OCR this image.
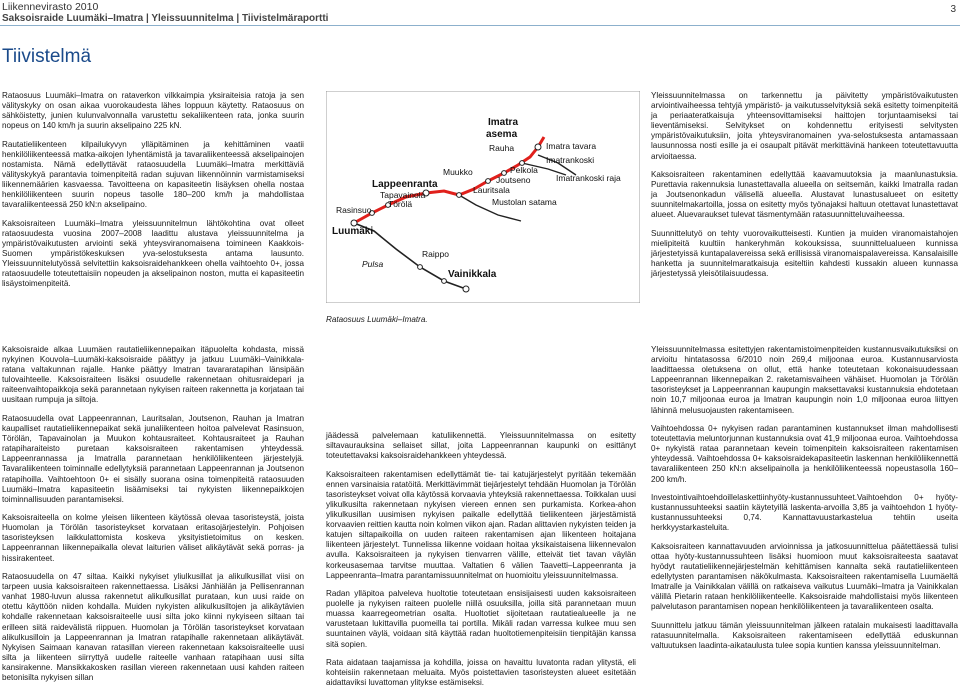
Liikennevirasto 2010
Saksoisraide Luumäki–Imatra | Yleissuunnitelma | Tiivistelmäraportti
3
Tiivistelmä

Rataosuus Luumäki–Imatra on rataverkon vilkkaimpia yksiraiteisia ratoja ja sen välityskyky on osan aikaa vuorokaudesta lähes loppuun käytetty. Rataosuus on sähköistetty, junien kulunvalvonnalla varustettu sekaliikenteen rata, jonka suurin nopeus on 140 km/h ja suurin akselipaino 225 kN.

Rautatieliikenteen kilpailukyvyn ylläpitäminen ja kehittäminen vaatii henkilöliikenteessä matka-aikojen lyhentämistä ja tavaraliikenteessä akselipainojen nostamista. Nämä edellyttävät rataosuudella Luumäki–Imatra merkittäviä välityskykyä parantavia toimenpiteitä radan sujuvan liikennöinnin varmistamiseksi liikennemäärien kasvaessa. Tavoitteena on kapasiteetin lisäyksen ohella nostaa henkilöliikenteen suurin nopeus tasolle 180–200 km/h ja mahdollistaa tavaraliikenteessä 250 kN:n akselipaino.

Kaksoisraiteen Luumäki–Imatra yleissuunnitelmun lähtökohtina ovat olleet rataosuudesta vuosina 2007–2008 laadittu alustava yleissuunnitelma ja ympäristövaikutusten arviointi sekä yhteysviranomaisena toimineen Kaakkois-Suomen ympäristökeskuksen yva-selostuksesta antama lausunto. Yleissuunnitelutyössä selvitettiin kaksoisraidehankkeen ohella vaihtoehto 0+, jossa rataosuudelle toteutettaisiin nopeuden ja akselipainon noston, mutta ei kapasiteetin lisäystoimenpiteitä.

Kaksoisraide alkaa Luumäen rautatieliikennepaikan itäpuolelta kohdasta, missä nykyinen Kouvola–Luumäki-kaksoisraide päättyy ja jatkuu Luumäki–Vainikkala-ratana valtakunnan rajalle. Hanke päättyy Imatran tavararatapihan länsipään tulovaihteelle. Kaksoisraiteen lisäksi osuudelle rakennetaan ohitusraidepari ja raiteenvaihtopaikkoja sekä parannetaan nykyisen raiteen rakennetta ja korjataan tai uusitaan rumpuja ja siltoja.

Rataosuudella ovat Lappeenrannan, Lauritsalan, Joutsenon, Rauhan ja Imatran kaupalliset rautatieliikennepaikat sekä junaliikenteen hoitoa palvelevat Rasinsuon, Törölän, Tapavainolan ja Muukon kohtausraiteet. Kohtausraiteet ja Rauhan ratapiharaiteisto puretaan kaksoisraiteen rakentamisen yhteydessä. Lappeenrannassa ja Imatralla parannetaan henkilöliikenteen järjestelyjä. Tavaraliikenteen toiminnalle edellytyksiä parannetaan Lappeenrannan ja Joutsenon ratapihoilla. Vaihtoehtoon 0+ ei sisälly suorana osina toimenpiteitä rataosuuden Luumäki–Imatra kapasiteetin lisäämiseksi tai nykyisten liikennepaikkojen toiminnallisuuden parantamiseksi.

Kaksoisraiteella on kolme yleisen liikenteen käytössä olevaa tasoristeystä, joista Huomolan ja Törölän tasoristeykset korvataan eritasojärjestelyin. Pohjoisen tasoristeyksen laikkulattomista koskeva yksityistietoimitus on kesken. Lappeenrannan liikennepaikalla olevat laiturien väliset alikäytävät sekä porras- ja hissirakenteet.

Rataosuudella on 47 siltaa. Kaikki nykyiset yliulkusillat ja alikulkusillat viisi on tarpeen uusia kaksoisraiteen rakennettaessa. Lisäksi Jänhiälän ja Pellisenrannan vanhat 1980-luvun alussa rakennetut alikulkusillat purataan, kun uusi raide on otettu käyttöön niiden kohdalla. Muiden nykyisten alikulkusiltojen ja alikäytävien kohdalle rakennetaan kaksoisraiteelle uusi silta joko kiinni nykyiseen siltaan tai erilleen siitä raidevälistä riippuen. Huomolan ja Törölän tasoristeykset korvataan alikulkusilloin ja Lappeenrannan ja Imatran ratapihalle rakennetaan alikäytävät. Nykyisen Saimaan kanavan ratasillan viereen rakennetaan kaksoisraiteelle uusi silta ja liikenteen siirryttyä uudelle raiteelle vanhaan ratapihaan uusi silta kansirakenne. Mansikkakosken rasillan viereen rakennetaan uusi kahden raiteen betonisilta nykyisen sillan

Imatra
asema
Imatra tavara
Rauha
Imatrankoski
Muukko	Pelkola
Imatrankoski raja
Joutseno
Lappeenranta	Lauritsala
Tapavainola
Mustolan satama
Törölä
Rasinsuo
Luumäki
Raippo
Pulsa
Vainikkala
Rataosuus Luumäki–Imatra.

jäädessä palvelemaan katuliikennettä. Yleissuunnitelmassa on esitetty siltavaurauksina sellaiset sillat, joita Lappeenrannan kaupunki on esittänyt toteutettavaksi kaksoisraidehankkeen yhteydessä.

Kaksoisraiteen rakentamisen edellyttämät tie- tai katujärjestelyt pyritään tekemään ennen varsinaisia ratatöitä. Merkittävimmät tiejärjestelyt tehdään Huomolan ja Törölän tasoristeykset voivat olla käytössä korvaavia yhteyksiä rakennettaessa. Toikkalan uusi ylikulkusilta rakennetaan nykyisen viereen ennen sen purkamista. Korkea-ahon ylikulkusillan uusimisen nykyisen paikalle edellyttää tieliikenteen järjestämistä korvaavien reittien kautta noin kolmen viikon ajan. Radan alittavien nykyisten teiden ja katujen siltapaikoilla on uuden raiteen rakentamisen ajan liikenteen hoitajana liikenteen järjestelyt. Tunnelissa liikenne voidaan hoitaa yksikaistaisena liikennevalon avulla. Kaksoisraiteen ja nykyisen tienvarren välille, etteivät tiet tavan väylän korkeusasemaa tarvitse muuttaa. Valtatien 6 välien Taavetti–Lappeenranta ja Lappeenranta–Imatra parantamissuunnitelmat on huomioitu yleissuunnitelmassa.

Radan ylläpitoa palveleva huoltotie toteutetaan ensisijaisesti uuden kaksoisraiteen puolelle ja nykyisen raiteen puolelle niillä osuuksilla, joilla sitä parannetaan muun muassa kaarregeometrian osalta. Huoltotiet sijoitetaan rautatiealueelle ja ne varustetaan lukittavilla puomeilla tai portilla. Mikäli radan varressa kulkee muu sen suuntainen väylä, voidaan sitä käyttää radan huoltotiemenpiteisiin tienpitäjän kanssa sitä sopien.

Rata aidataan taajamissa ja kohdilla, joissa on havaittu luvatonta radan ylitystä, eli kohteisiin rakennetaan meluaita. Myös poistettavien tasoristeysten alueet esitetään aidattaviksi luvattoman ylitykse estämiseksi.

Yleissuunnitelmassa on tarkennettu ja päivitetty ympäristövaikutusten arviointivaiheessa tehtyjä ympäristö- ja vaikutusselvityksiä sekä esitetty toimenpiteitä ja periaateratkaisuja yhteensovittamiseksi haittojen torjuntaamiseksi tai lieventämiseksi. Selvitykset on kohdennettu erityisesti selvitysten ympäristövaikutuksiin, joita yhteysviranomainen yva-selostuksesta antamassaan lausunnossa nosti esille ja ei osaupalt pitävät merkittävinä hankeen toteutettavuutta arvioitaessa.

Kaksoisraiteen rakentaminen edellyttää kaavamuutoksia ja maanlunastuksia. Purettavia rakennuksia lunastettavalla alueella on seitsemän, kaikki Imatralla radan ja Joutsenonkadun välisellä alueella. Alustavat lunastusalueet on esitetty suunnitelmakartoilla, jossa on esitetty myös työnajaksi haltuun otettavat lunastettavat alueet. Aluevaraukset tulevat täsmentymään ratasuunnitteluvaiheessa.

Suunnittelutyö on tehty vuorovaikutteisesti. Kuntien ja muiden viranomaistahojen mielipiteitä kuultiin hankeryhmän kokouksissa, suunnittelualueen kunnissa järjestetyissä kuntapalavereissa sekä erillisissä viranomaispalavereissa. Kansalaisille hanketta ja suunnitelmaratkaisuja esiteltiin kahdesti kussakin alueen kunnassa järjestetyssä yleisötilaisuudessa.

Yleissuunnitelmassa esitettyjen rakentamistoimenpiteiden kustannusvaikutuksiksi on arvioitu hintatasossa 6/2010 noin 269,4 miljoonaa euroa. Kustannusarviosta laadittaessa oletuksena on ollut, että hanke toteutetaan kokonaisuudessaan Lappeenrannan liikennepaikan 2. raketamisvaiheen vähäiset. Huomolan ja Törölän tasoristeykset ja Lappeenrannan kaupungin maksettavaksi kustannuksia ehdotetaan noin 10,7 miljoonaa euroa ja Imatran kaupungin noin 1,0 miljoonaa euroa liittyen lähinnä melusuojausten rakentamiseen.

Vaihtoehdossa 0+ nykyisen radan parantaminen kustannukset ilman mahdollisesti toteutettavia meluntorjunnan kustannuksia ovat 41,9 miljoonaa euroa. Vaihtoehdossa 0+ nykyistä rataa parannetaan kevein toimenpitein kaksoisraiteen rakentamisen yhteydessä. Vaihtoehdossa 0+ kaksoisraidekapasiteetin laskennan henkilöliikennettä tavaraliikenteen 250 kN:n akselipainolla ja henkilöliikenteessä nopeustasolla 160–200 km/h.

Investointivaihtoehdoillelaskettiinhyöty-kustannussuhteet.Vaihtoehdon 0+ hyöty-kustannussuhteeksi saatiin käytetyillä laskenta-arvoilla 3,85 ja vaihtoehdon 1 hyöty-kustannussuhteeksi 0,74. Kannattavuustarkastelua tehtiin useita herkkyystarkasteluita.

Kaksoisraiteen kannattavuuden arvioinnissa ja jatkosuunnittelua päätettäessä tulisi ottaa hyöty-kustannussuhteen lisäksi huomioon muut kaksoisraiteesta saatavat hyödyt rautatieliikennejärjestelmän kehittämisen kannalta sekä rautatieliikenteen edellytysten parantamisen näkökulmasta. Kaksoisraiteen rakentamisella Luumäeltä Imatralle ja Vainikkalan välillä on ratkaiseva vaikutus Luumäki–Imatra ja Vainikkalan välillä Pietarin rataan henkilöliikenteelle. Kaksoisraide mahdollistaisi myös liikenteen palvelutason parantamisen nopean henkilöliikenteen ja tavaraliikenteen osalta.

Suunnittelu jatkuu tämän yleissuunnitelman jälkeen ratalain mukaisesti laadittavalla ratasuunnitelmalla. Kaksoisraiteen rakentamiseen edellyttää eduskunnan valtuutuksen laadinta-aikataulusta tulee sopia kuntien kanssa yleissuunnitelman.
